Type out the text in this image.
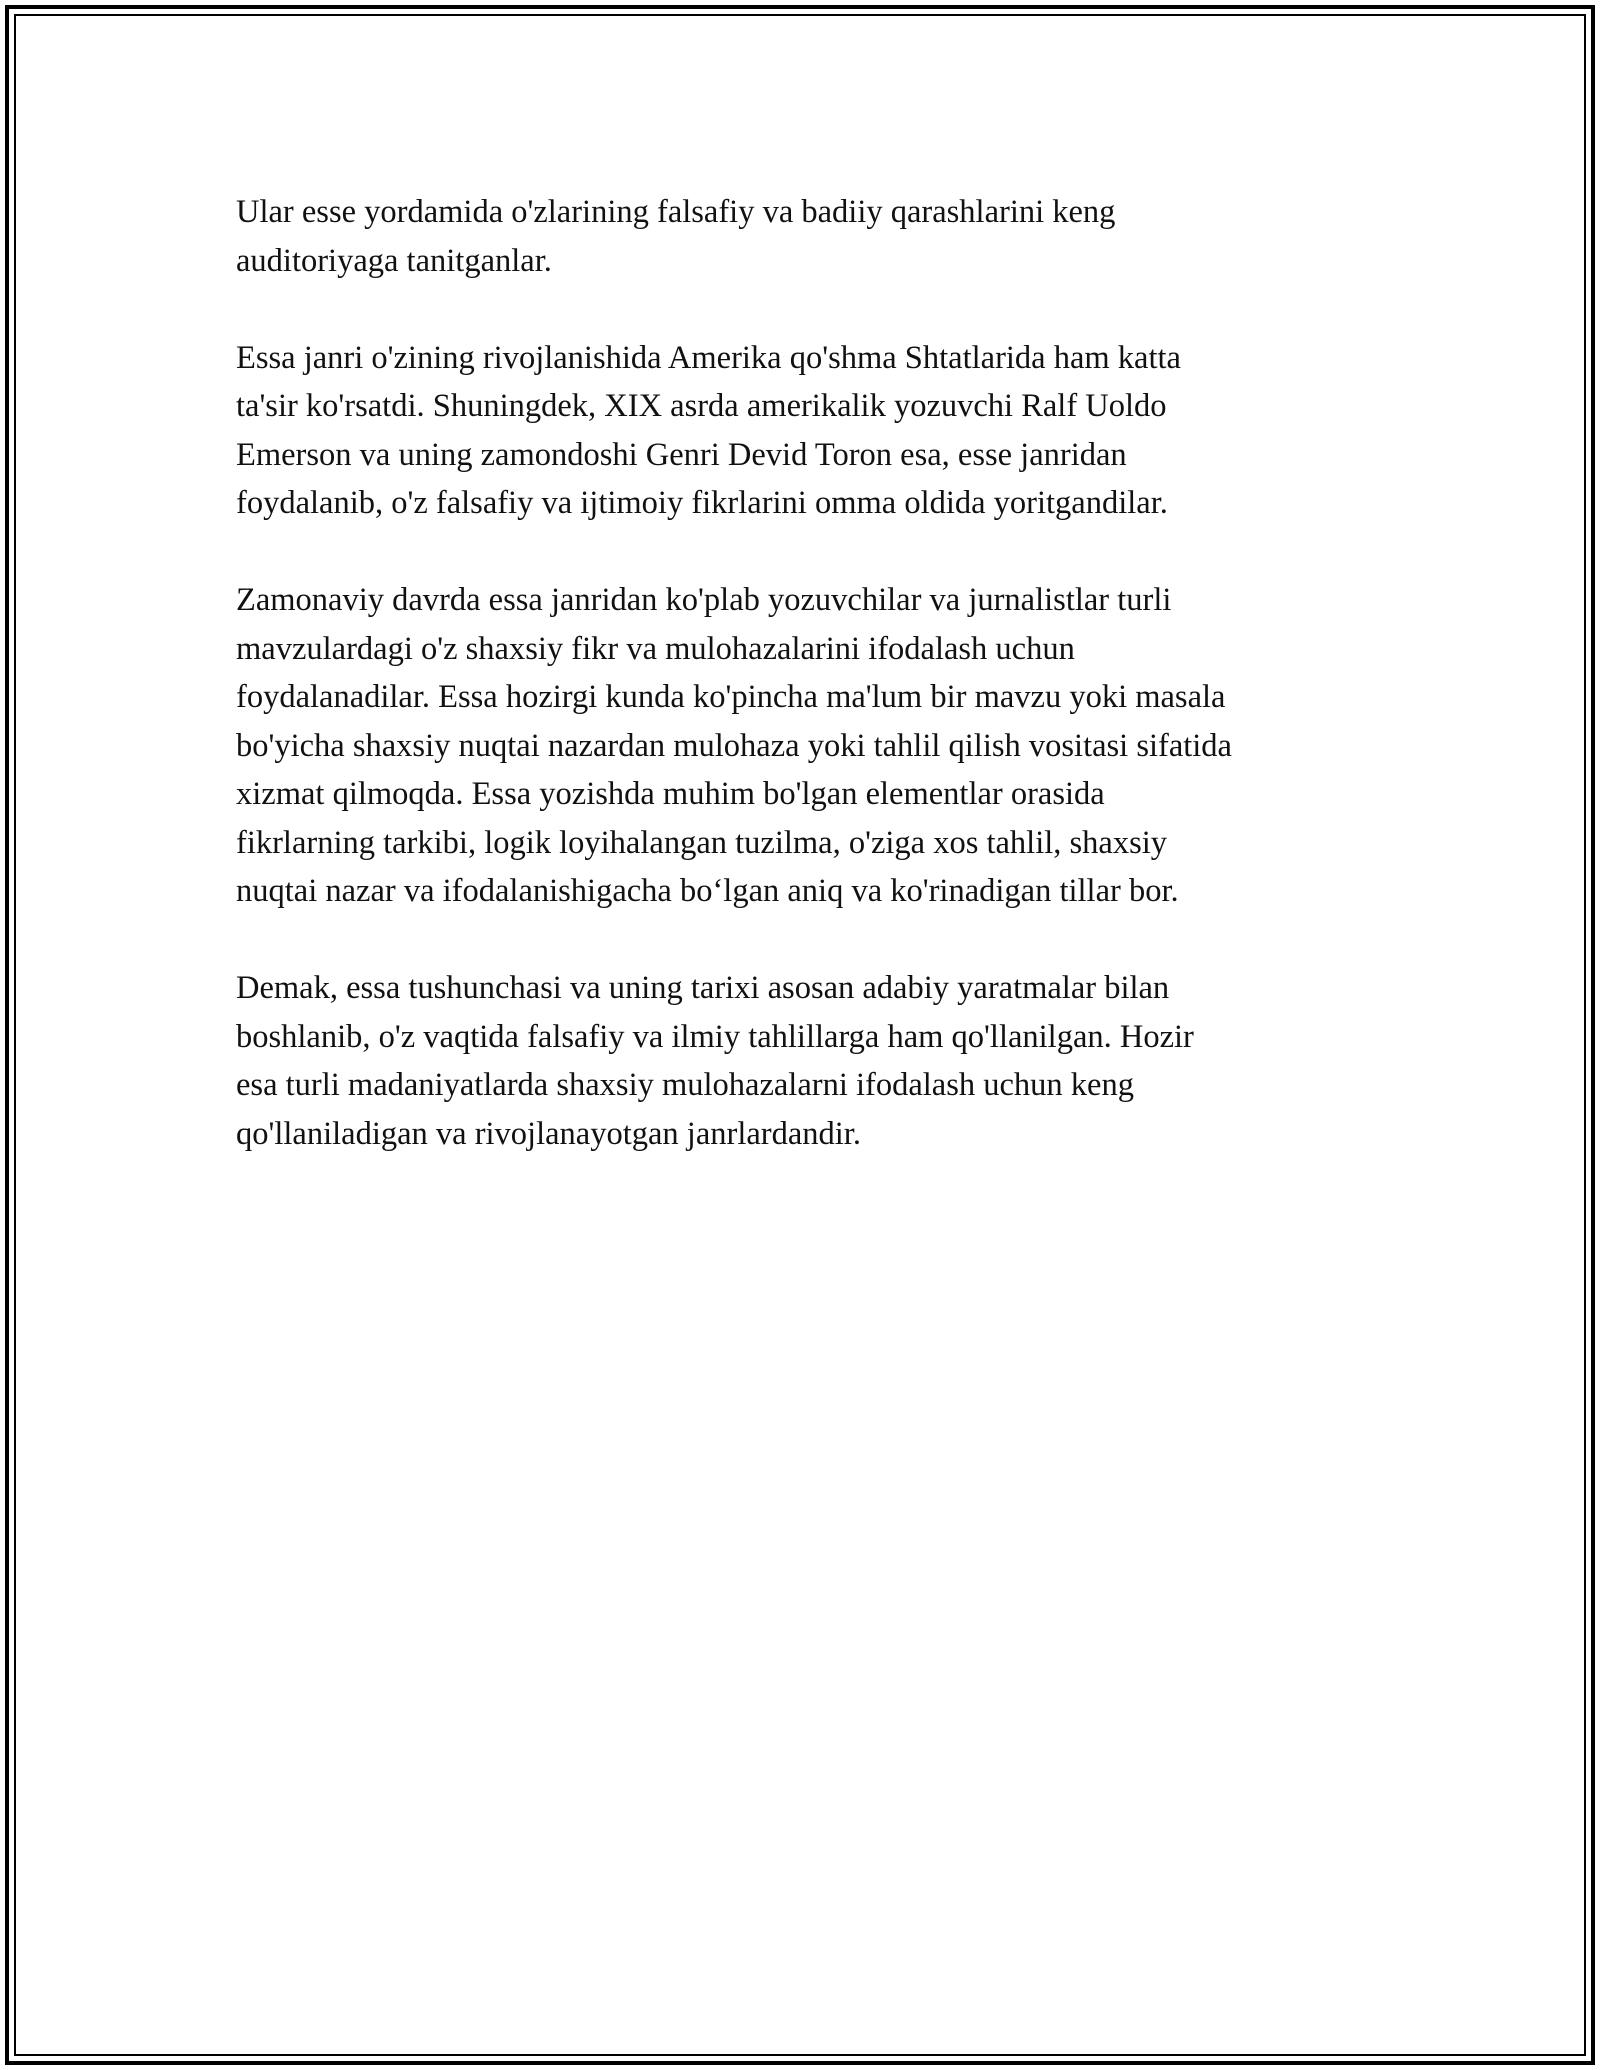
Ular esse yordamida o'zlarining falsafiy va badiiy qarashlarini keng
auditoriyaga tanitganlar.

Essa janri o'zining rivojlanishida Amerika qo'shma Shtatlarida ham katta
ta'sir ko'rsatdi. Shuningdek, XIX asrda amerikalik yozuvchi Ralf Uoldo
Emerson va uning zamondoshi Genri Devid Toron esa, esse janridan
foydalanib, o'z falsafiy va ijtimoiy fikrlarini omma oldida yoritgandilar.

Zamonaviy davrda essa janridan ko'plab yozuvchilar va jurnalistlar turli
mavzulardagi o'z shaxsiy fikr va mulohazalarini ifodalash uchun
foydalanadilar. Essa hozirgi kunda ko'pincha ma'lum bir mavzu yoki masala
bo'yicha shaxsiy nuqtai nazardan mulohaza yoki tahlil qilish vositasi sifatida
xizmat qilmoqda. Essa yozishda muhim bo'lgan elementlar orasida
fikrlarning tarkibi, logik loyihalangan tuzilma, o'ziga xos tahlil, shaxsiy
nuqtai nazar va ifodalanishigacha bo‘lgan aniq va ko'rinadigan tillar bor.

Demak, essa tushunchasi va uning tarixi asosan adabiy yaratmalar bilan
boshlanib, o'z vaqtida falsafiy va ilmiy tahlillarga ham qo'llanilgan. Hozir
esa turli madaniyatlarda shaxsiy mulohazalarni ifodalash uchun keng
qo'llaniladigan va rivojlanayotgan janrlardandir.
